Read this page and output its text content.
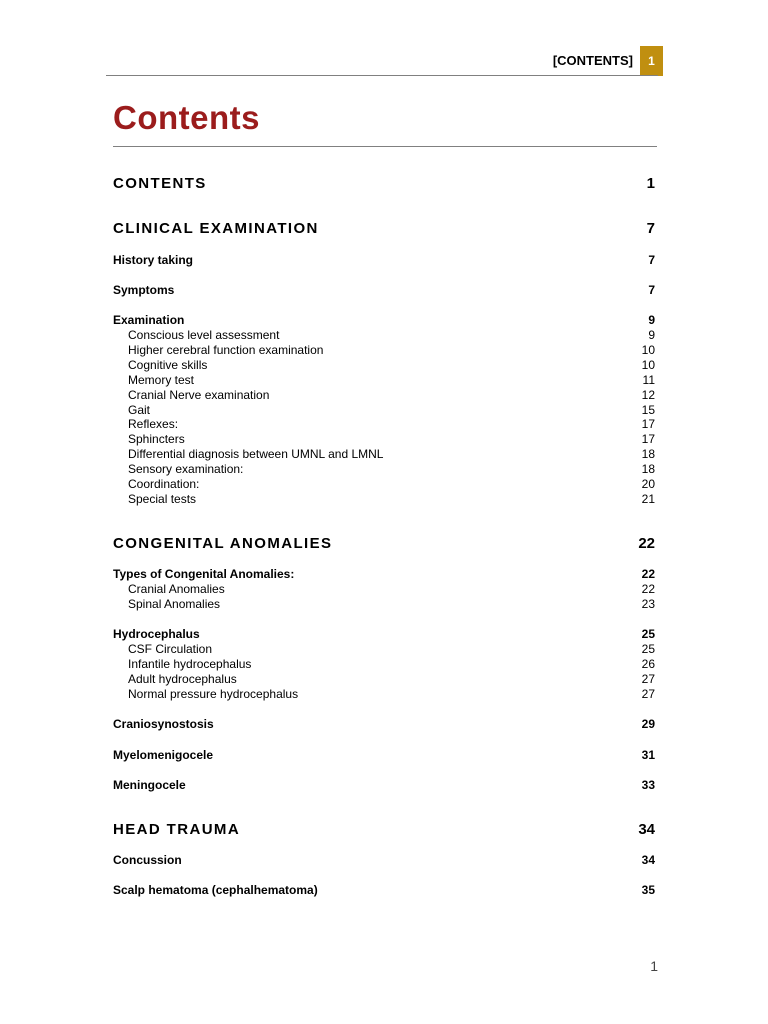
[CONTENTS]	1
Contents
CONTENTS	1
CLINICAL EXAMINATION	7
History taking	7
Symptoms	7
Examination	9
Conscious level assessment	9
Higher cerebral function examination	10
Cognitive skills	10
Memory test	11
Cranial Nerve examination	12
Gait	15
Reflexes:	17
Sphincters	17
Differential diagnosis between UMNL and LMNL	18
Sensory examination:	18
Coordination:	20
Special tests	21
CONGENITAL ANOMALIES	22
Types of Congenital Anomalies:	22
Cranial Anomalies	22
Spinal Anomalies	23
Hydrocephalus	25
CSF Circulation	25
Infantile hydrocephalus	26
Adult hydrocephalus	27
Normal pressure hydrocephalus	27
Craniosynostosis	29
Myelomenigocele	31
Meningocele	33
HEAD TRAUMA	34
Concussion	34
Scalp hematoma (cephalhematoma)	35
1
